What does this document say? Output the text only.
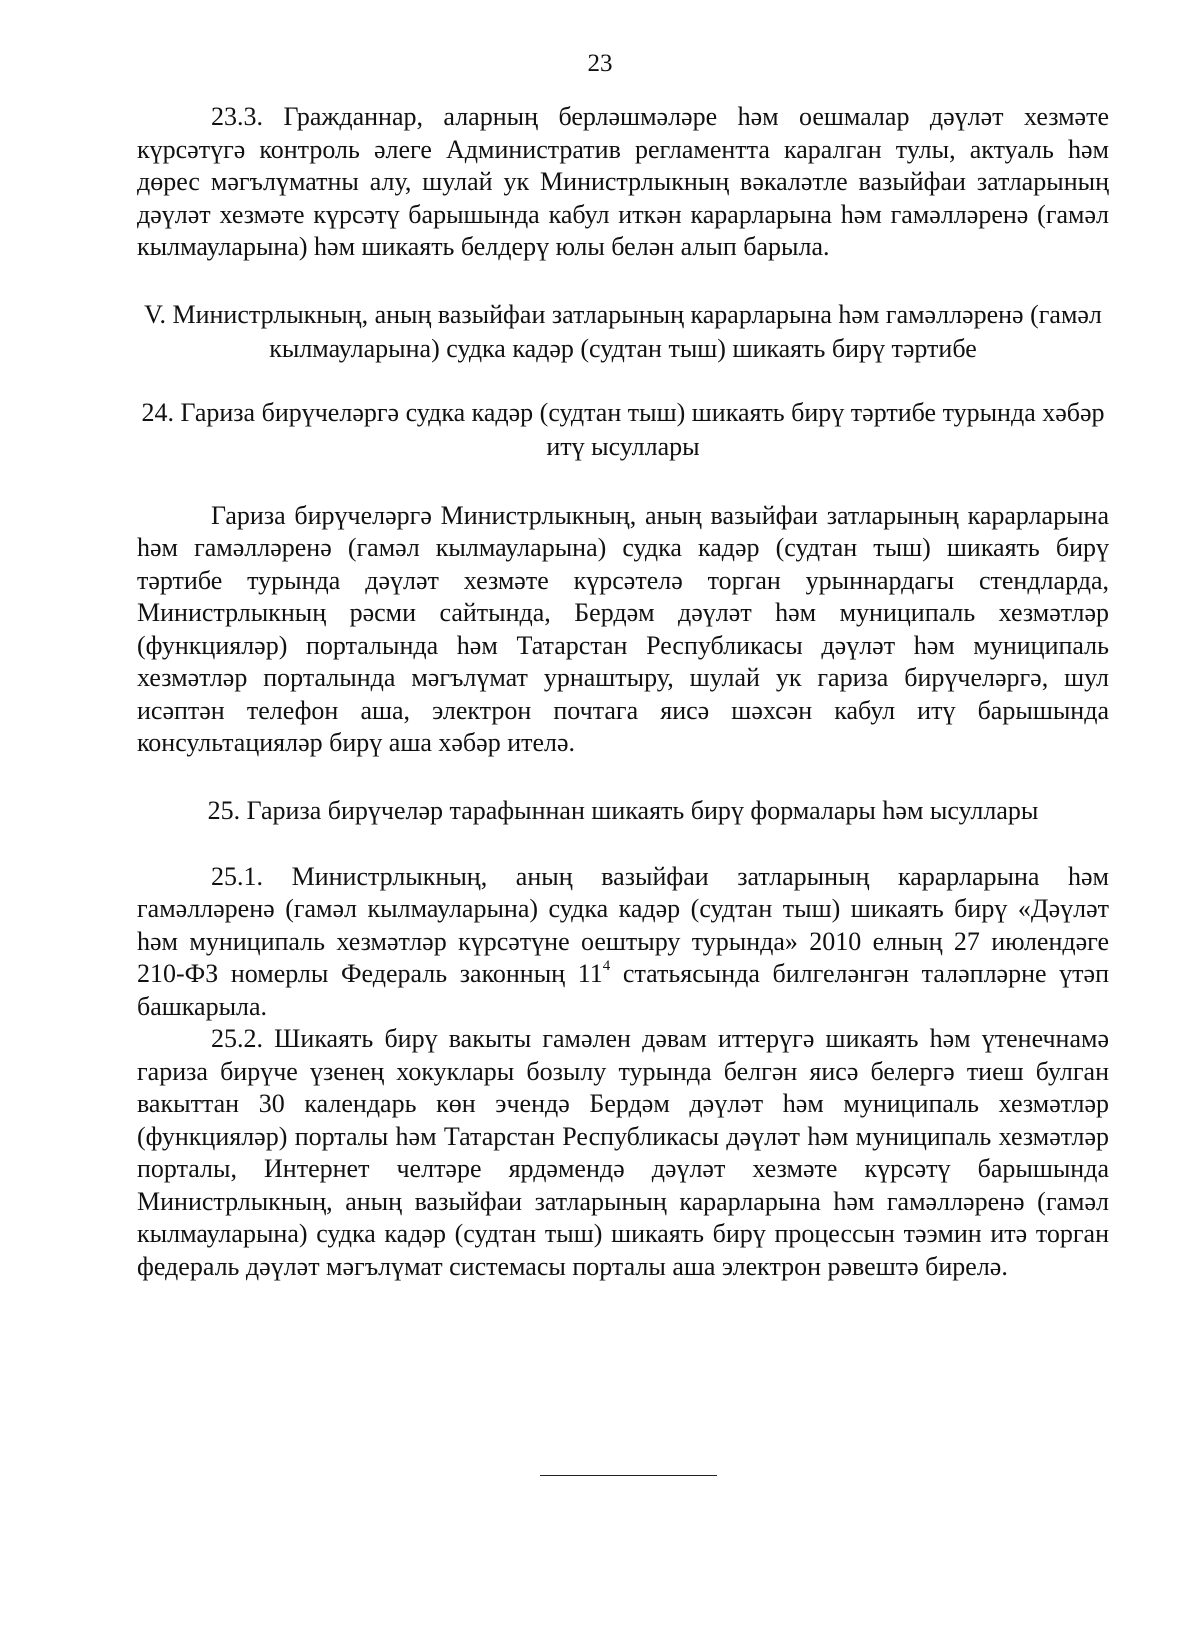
23

23.3. Гражданнар, аларның берләшмәләре һәм оешмалар дәүләт хезмәте күрсәтүгә контроль әлеге Административ регламентта каралган тулы, актуаль һәм дөрес мәгълүматны алу, шулай ук Министрлыкның вәкаләтле вазыйфаи затларының дәүләт хезмәте күрсәтү барышында кабул иткән карарларына һәм гамәлләренә (гамәл кылмауларына) һәм шикаять белдерү юлы белән алып барыла.

V. Министрлыкның, аның вазыйфаи затларының карарларына һәм гамәлләренә (гамәл кылмауларына) судка кадәр (судтан тыш) шикаять бирү тәртибе

24. Гариза бирүчеләргә судка кадәр (судтан тыш) шикаять бирү тәртибе турында хәбәр итү ысуллары

Гариза бирүчеләргә Министрлыкның, аның вазыйфаи затларының карарларына һәм гамәлләренә (гамәл кылмауларына) судка кадәр (судтан тыш) шикаять бирү тәртибе турында дәүләт хезмәте күрсәтелә торган урыннардагы стендларда, Министрлыкның рәсми сайтында, Бердәм дәүләт һәм муниципаль хезмәтләр (функцияләр) порталында һәм Татарстан Республикасы дәүләт һәм муниципаль хезмәтләр порталында мәгълүмат урнаштыру, шулай ук гариза бирүчеләргә, шул исәптән телефон аша, электрон почтага яисә шәхсән кабул итү барышында консультацияләр бирү аша хәбәр ителә.

25. Гариза бирүчеләр тарафыннан шикаять бирү формалары һәм ысуллары

25.1. Министрлыкның, аның вазыйфаи затларының карарларына һәм гамәлләренә (гамәл кылмауларына) судка кадәр (судтан тыш) шикаять бирү «Дәүләт һәм муниципаль хезмәтләр күрсәтүне оештыру турында» 2010 елның 27 июлендәге 210-ФЗ номерлы Федераль законның $11^4$ статьясында билгеләнгән таләпләрне үтәп башкарыла.

25.2. Шикаять бирү вакыты гамәлен дәвам иттерүгә шикаять һәм үтенечнамә гариза бирүче үзенең хокуклары бозылу турында белгән яисә белергә тиеш булган вакыттан 30 календарь көн эчендә Бердәм дәүләт һәм муниципаль хезмәтләр (функцияләр) порталы һәм Татарстан Республикасы дәүләт һәм муниципаль хезмәтләр порталы, Интернет челтәре ярдәмендә дәүләт хезмәте күрсәтү барышында Министрлыкның, аның вазыйфаи затларының карарларына һәм гамәлләренә (гамәл кылмауларына) судка кадәр (судтан тыш) шикаять бирү процессын тәэмин итә торган федераль дәүләт мәгълүмат системасы порталы аша электрон рәвештә бирелә.
